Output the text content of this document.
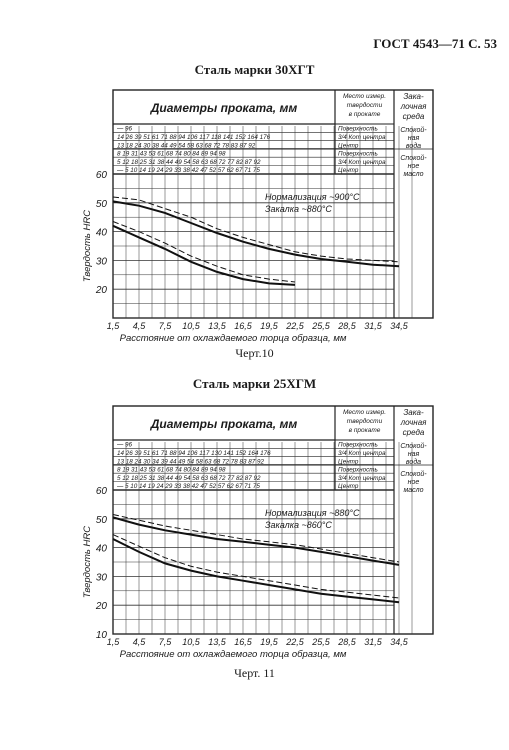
ГОСТ 4543—71 С. 53
Сталь марки 30ХГТ
Диаметры проката, мм
Место измер.
твердости
в прокате
Зака-
лочная
среда
— 96	Поверхность
14 26 39 51 61 71 88 94 106 117 118 141 152 164 176	3/4 Кот центра
13 18 24 30 38 44 49 54 58 63 68 72 78 83 87 92	Центр
8 19 31 43 53 61 68 74 80 84 89 94 98	Поверхность
5 12 18 25 31 38 44 49 54 58 63 68 72 77 82 87 92	3/4 Кот центра
— 5 10 14 19 24 29 33 38 42 47 52 57 62 67 71 75	Центр
Спокой-
ная
вода
Спокой-
ное
масло
20
30
40
50
60
1,5 4,5 7,5 10,5 13,5 16,5 19,5 22,5 25,5 28,5 31,5 34,5
Расстояние от охлаждаемого торца образца, мм
Твердость HRC
Нормализация ~900°С
Закалка ~880°С
Черт.10
Сталь марки 25ХГМ
Диаметры проката, мм
Место измер.
твердости
в прокате
Зака-
лочная
среда
— 96	Поверхность
14 26 39 51 61 71 88 94 106 117 130 141 152 164 176	3/4 Кот центра
13 18 24 30 34 39 44 49 54 58 63 68 72 78 83 87 92	Центр
8 19 31 43 53 61 68 74 80 84 89 94 98	Поверхность
5 12 18 25 31 38 44 49 54 58 63 68 72 77 82 87 92	3/4 Кот центра
— 5 10 14 19 24 29 33 38 42 47 52 57 62 67 71 75	Центр
Спокой-
ная
вода
Спокой-
ное
масло
10
20
30
40
50
60
1,5 4,5 7,5 10,5 13,5 16,5 19,5 22,5 25,5 28,5 31,5 34,5
Расстояние от охлаждаемого торца образца, мм
Твердость HRC
Нормализация ~880°С
Закалка ~860°С
Черт. 11
